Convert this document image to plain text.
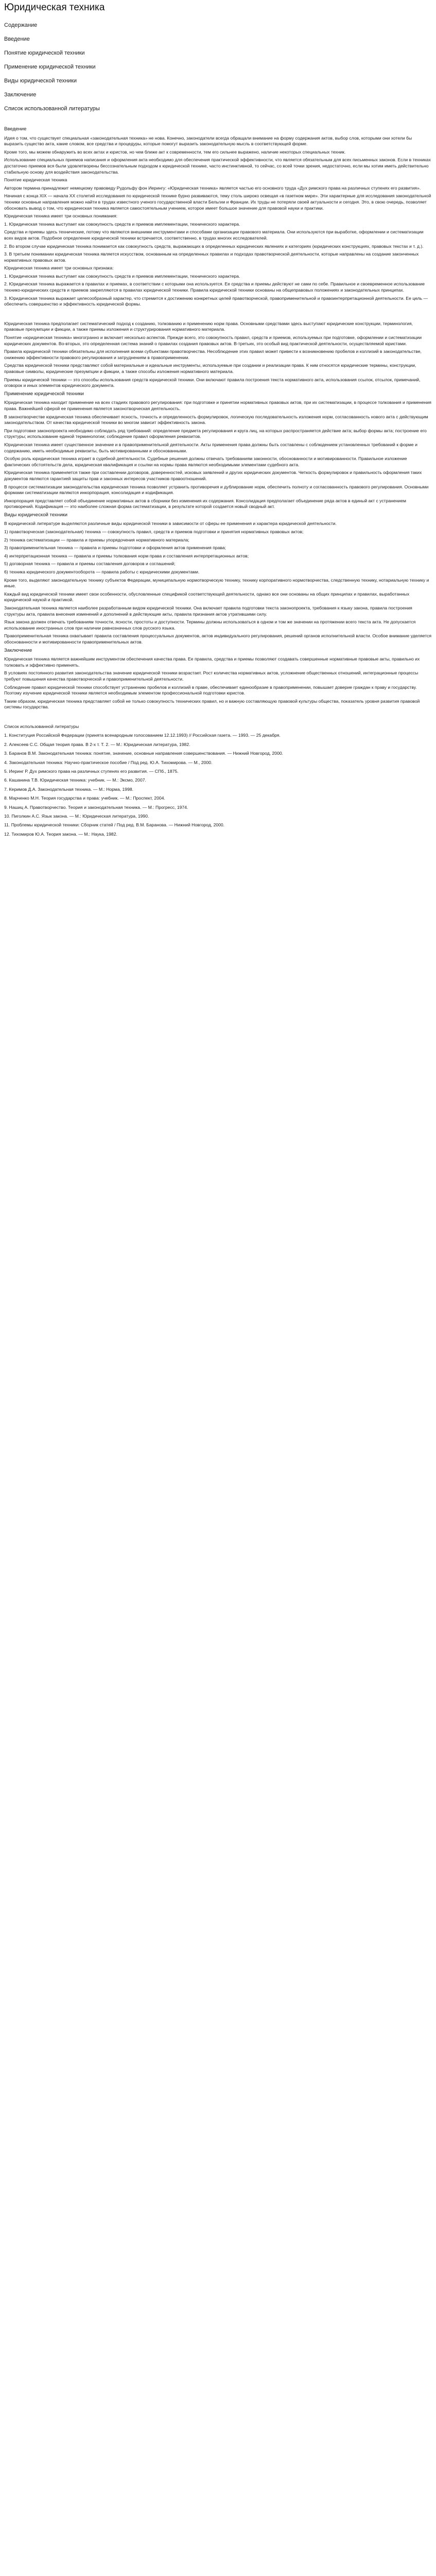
Юридическая техника

Содержание

Введение

Понятие юридической техники

Применение юридической техники

Виды юридической техники

Заключение

Список использованной литературы

Введение

Идея о том, что существует специальная «законодательная техника» не нова. Конечно, законодатели всегда обращали внимание на форму содержания актов, выбор слов, которыми они хотели бы выразить существо акта, какие словом, все средства и процедуры, которые помогут выразить законодательную мысль в соответствующей форме.

Кроме того, мы можем обнаружить во всех актах и юристов, но чем ближе акт к современности, тем его сильнее выражено, наличие некоторых специальных техник.

Использование специальных приемов написания и оформления акта необходимо для обеспечения практической эффективности, что является обязательным для всех письменных законов. Если в техниках достаточно приемов вся были удовлетворены бессознательным подходом к юридической технике, часто инстинктивной, то сейчас, со всей точки зрения, недостаточно, если мы хотим иметь действительно стабильную основу для воздействия законодательства.

Понятие юридическая техника

Автором термина принадлежит немецкому правоведу Рудольфу фон Иерингу: «Юридическая техника» является частью его основного труда «Дух римского права на различных ступенях его развития».

Начиная с конца XIX — начала XX столетий исследования по юридической технике бурно развиваются, тему столь широко освещая «в газетном мире». Эти характерные для исследования законодательной техники основные направления можно найти в трудах известного ученого государственной власти Бельгии и Франции. Их труды не потеряли своей актуальности и сегодня. Это, в свою очередь, позволяет обосновать вывод о том, что юридическая техника является самостоятельным учением, которое имеет большое значение для правовой науки и практики.

Юридическая техника имеет три основных понимания:

1. Юридическая техника выступает как совокупность средств и приемов имплементации, технического характера.

Средства и приемы здесь технические, потому что являются внешними инструментами и способами организации правового материала. Они используются при выработке, оформлении и систематизации всех видов актов. Подобное определение юридической техники встречается, соответственно, в трудах многих исследователей.

2. Во втором случае юридическая техника понимается как совокупность средств, выражающих в определенных юридических явлениях и категориях (юридических конструкциях, правовых текстах и т. д.).

3. В третьем понимании юридическая техника является искусством, основанным на определенных правилах и подходах правотворческой деятельности, которые направлены на создание законченных нормативных правовых актов.

Юридическая техника имеет три основных признака:

1. Юридическая техника выступает как совокупность средств и приемов имплементации, технического характера.

2. Юридическая техника выражается в правилах и приемах, в соответствии с которыми она используется. Ее средства и приемы действуют не сами по себе. Правильное и своевременное использование технико-юридических средств и приемов закрепляются в правилах юридической техники. Правила юридической техники основаны на общеправовых положениях и законодательных принципах.

3. Юридическая техника выражает целесообразный характер, что стремится к достижению конкретных целей правотворческой, правоприменительной и правоинтерпретационной деятельности. Ее цель — обеспечить совершенство и эффективность юридической формы.

Юридическая техника предполагает систематический подход к созданию, толкованию и применению норм права. Основными средствами здесь выступают юридические конструкции, терминология, правовые презумпции и фикции, а также приемы изложения и структурирования нормативного материала.

Понятие «юридическая техника» многогранно и включает несколько аспектов. Прежде всего, это совокупность правил, средств и приемов, используемых при подготовке, оформлении и систематизации юридических документов. Во-вторых, это определенная система знаний о правилах создания правовых актов. В-третьих, это особый вид практической деятельности, осуществляемой юристами.

Правила юридической техники обязательны для исполнения всеми субъектами правотворчества. Несоблюдение этих правил может привести к возникновению пробелов и коллизий в законодательстве, снижению эффективности правового регулирования и затруднениям в правоприменении.

Средства юридической техники представляют собой материальные и идеальные инструменты, используемые при создании и реализации права. К ним относятся юридические термины, конструкции, правовые символы, юридические презумпции и фикции, а также способы изложения нормативного материала.

Приемы юридической техники — это способы использования средств юридической техники. Они включают правила построения текста нормативного акта, использования ссылок, отсылок, примечаний, оговорок и иных элементов юридического документа.

Применение юридической техники

Юридическая техника находит применение на всех стадиях правового регулирования: при подготовке и принятии нормативных правовых актов, при их систематизации, в процессе толкования и применения права. Важнейшей сферой ее применения является законотворческая деятельность.

В законотворчестве юридическая техника обеспечивает ясность, точность и определенность формулировок, логическую последовательность изложения норм, согласованность нового акта с действующим законодательством. От качества юридической техники во многом зависит эффективность закона.

При подготовке законопроекта необходимо соблюдать ряд требований: определение предмета регулирования и круга лиц, на которых распространяется действие акта; выбор формы акта; построение его структуры; использование единой терминологии; соблюдение правил оформления реквизитов.

Юридическая техника имеет существенное значение и в правоприменительной деятельности. Акты применения права должны быть составлены с соблюдением установленных требований к форме и содержанию, иметь необходимые реквизиты, быть мотивированными и обоснованными.

Особую роль юридическая техника играет в судебной деятельности. Судебные решения должны отвечать требованиям законности, обоснованности и мотивированности. Правильное изложение фактических обстоятельств дела, юридическая квалификация и ссылки на нормы права являются необходимыми элементами судебного акта.

Юридическая техника применяется также при составлении договоров, доверенностей, исковых заявлений и других юридических документов. Четкость формулировок и правильность оформления таких документов являются гарантией защиты прав и законных интересов участников правоотношений.

В процессе систематизации законодательства юридическая техника позволяет устранить противоречия и дублирование норм, обеспечить полноту и согласованность правового регулирования. Основными формами систематизации являются инкорпорация, консолидация и кодификация.

Инкорпорация представляет собой объединение нормативных актов в сборники без изменения их содержания. Консолидация предполагает объединение ряда актов в единый акт с устранением противоречий. Кодификация — это наиболее сложная форма систематизации, в результате которой создается новый сводный акт.

Виды юридической техники

В юридической литературе выделяются различные виды юридической техники в зависимости от сферы ее применения и характера юридической деятельности.

1) правотворческая (законодательная) техника — совокупность правил, средств и приемов подготовки и принятия нормативных правовых актов;

2) техника систематизации — правила и приемы упорядочения нормативного материала;

3) правоприменительная техника — правила и приемы подготовки и оформления актов применения права;

4) интерпретационная техника — правила и приемы толкования норм права и составления интерпретационных актов;

5) договорная техника — правила и приемы составления договоров и соглашений;

6) техника юридического документооборота — правила работы с юридическими документами.

Кроме того, выделяют законодательную технику субъектов Федерации, муниципальную нормотворческую технику, технику корпоративного нормотворчества, следственную технику, нотариальную технику и иные.

Каждый вид юридической техники имеет свои особенности, обусловленные спецификой соответствующей деятельности, однако все они основаны на общих принципах и правилах, выработанных юридической наукой и практикой.

Законодательная техника является наиболее разработанным видом юридической техники. Она включает правила подготовки текста законопроекта, требования к языку закона, правила построения структуры акта, правила внесения изменений и дополнений в действующие акты, правила признания актов утратившими силу.

Язык закона должен отвечать требованиям точности, ясности, простоты и доступности. Термины должны использоваться в одном и том же значении на протяжении всего текста акта. Не допускается использование иностранных слов при наличии равнозначных слов русского языка.

Правоприменительная техника охватывает правила составления процессуальных документов, актов индивидуального регулирования, решений органов исполнительной власти. Особое внимание уделяется обоснованности и мотивированности правоприменительных актов.

Заключение

Юридическая техника является важнейшим инструментом обеспечения качества права. Ее правила, средства и приемы позволяют создавать совершенные нормативные правовые акты, правильно их толковать и эффективно применять.

В условиях постоянного развития законодательства значение юридической техники возрастает. Рост количества нормативных актов, усложнение общественных отношений, интеграционные процессы требуют повышения качества правотворческой и правоприменительной деятельности.

Соблюдение правил юридической техники способствует устранению пробелов и коллизий в праве, обеспечивает единообразие в правоприменении, повышает доверие граждан к праву и государству. Поэтому изучение юридической техники является необходимым элементом профессиональной подготовки юристов.

Таким образом, юридическая техника представляет собой не только совокупность технических правил, но и важную составляющую правовой культуры общества, показатель уровня развития правовой системы государства.

Список использованной литературы

1. Конституция Российской Федерации (принята всенародным голосованием 12.12.1993) // Российская газета. — 1993. — 25 декабря.

2. Алексеев С.С. Общая теория права. В 2-х т. Т. 2. — М.: Юридическая литература, 1982.

3. Баранов В.М. Законодательная техника: понятие, значение, основные направления совершенствования. — Нижний Новгород, 2000.

4. Законодательная техника: Научно-практическое пособие / Под ред. Ю.А. Тихомирова. — М., 2000.

5. Иеринг Р. Дух римского права на различных ступенях его развития. — СПб., 1875.

6. Кашанина Т.В. Юридическая техника: учебник. — М.: Эксмо, 2007.

7. Керимов Д.А. Законодательная техника. — М.: Норма, 1998.

8. Марченко М.Н. Теория государства и права: учебник. — М.: Проспект, 2004.

9. Нашиц А. Правотворчество. Теория и законодательная техника. — М.: Прогресс, 1974.

10. Пиголкин А.С. Язык закона. — М.: Юридическая литература, 1990.

11. Проблемы юридической техники: Сборник статей / Под ред. В.М. Баранова. — Нижний Новгород, 2000.

12. Тихомиров Ю.А. Теория закона. — М.: Наука, 1982.
